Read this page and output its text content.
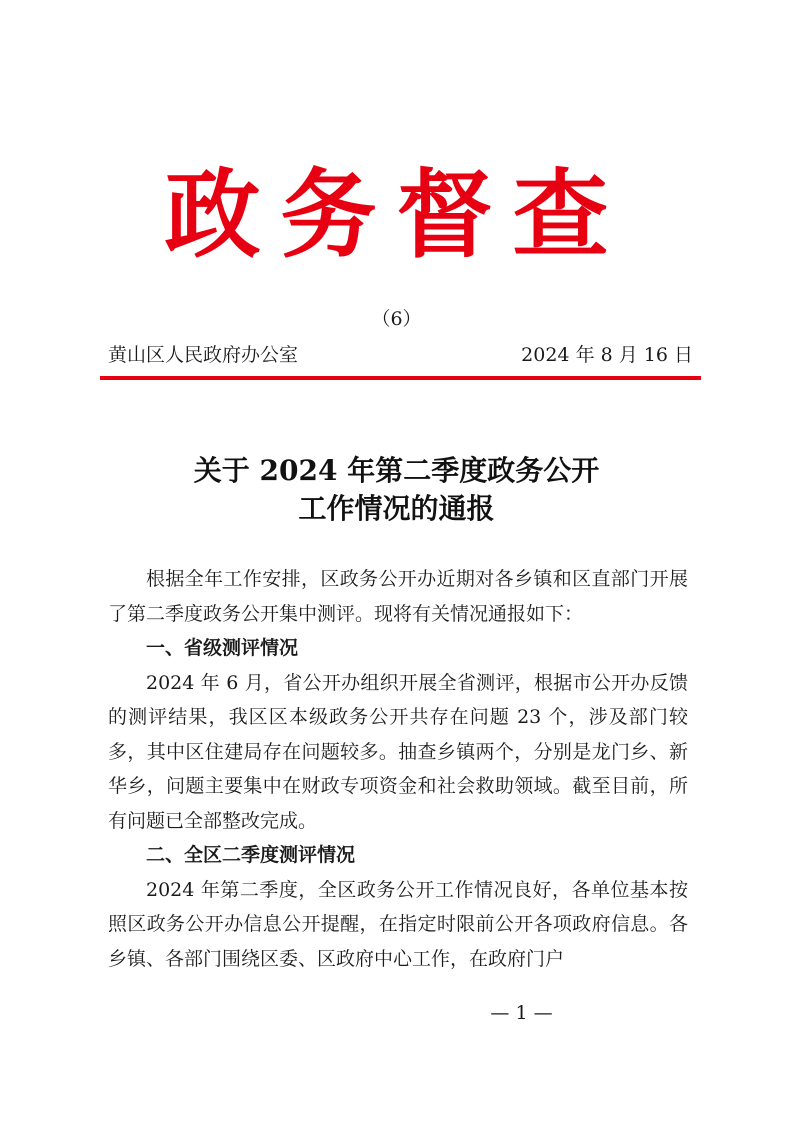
政务督查
（6）
黄山区人民政府办公室	2024 年 8 月 16 日
关于 2024 年第二季度政务公开
工作情况的通报

根据全年工作安排，区政务公开办近期对各乡镇和区直部门开展了第二季度政务公开集中测评。现将有关情况通报如下：

一、省级测评情况

2024 年 6 月，省公开办组织开展全省测评，根据市公开办反馈的测评结果，我区区本级政务公开共存在问题 23 个，涉及部门较多，其中区住建局存在问题较多。抽查乡镇两个，分别是龙门乡、新华乡，问题主要集中在财政专项资金和社会救助领域。截至目前，所有问题已全部整改完成。

二、全区二季度测评情况

2024 年第二季度，全区政务公开工作情况良好，各单位基本按照区政务公开办信息公开提醒，在指定时限前公开各项政府信息。各乡镇、各部门围绕区委、区政府中心工作，在政府门户

— 1 —
